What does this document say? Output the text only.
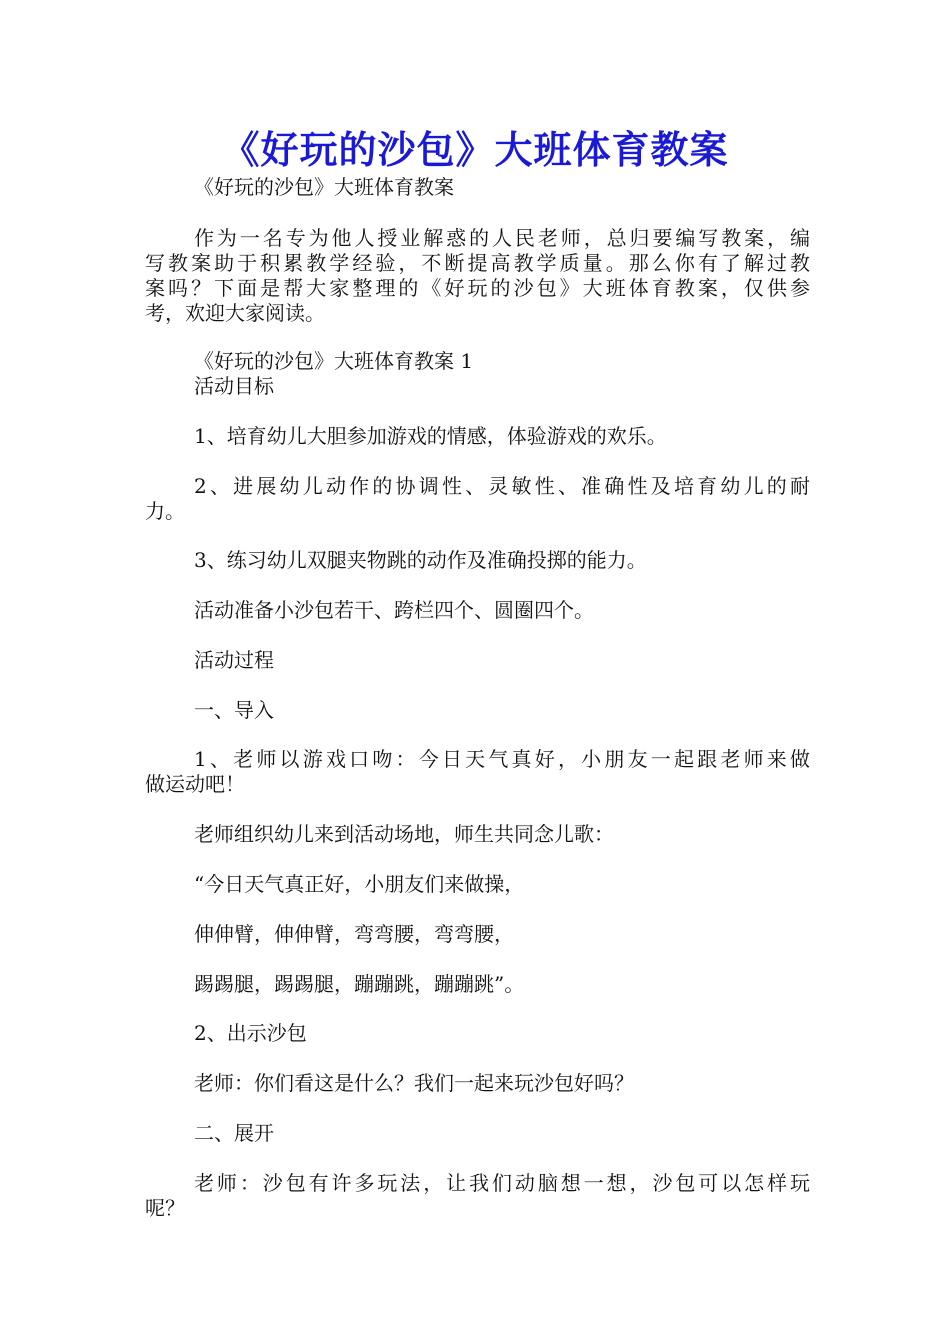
《好玩的沙包》大班体育教案

《好玩的沙包》大班体育教案

作为一名专为他人授业解惑的人民老师，总归要编写教案，编

写教案助于积累教学经验，不断提高教学质量。那么你有了解过教

案吗？下面是帮大家整理的《好玩的沙包》大班体育教案，仅供参

考，欢迎大家阅读。

《好玩的沙包》大班体育教案 1

活动目标

1、培育幼儿大胆参加游戏的情感，体验游戏的欢乐。

2、进展幼儿动作的协调性、灵敏性、准确性及培育幼儿的耐

力。

3、练习幼儿双腿夹物跳的动作及准确投掷的能力。

活动准备小沙包若干、跨栏四个、圆圈四个。

活动过程

一、导入

1、老师以游戏口吻：今日天气真好，小朋友一起跟老师来做

做运动吧！

老师组织幼儿来到活动场地，师生共同念儿歌：

“今日天气真正好，小朋友们来做操，

伸伸臂，伸伸臂，弯弯腰，弯弯腰，

踢踢腿，踢踢腿，蹦蹦跳，蹦蹦跳”。

2、出示沙包

老师：你们看这是什么？我们一起来玩沙包好吗？

二、展开

老师：沙包有许多玩法，让我们动脑想一想，沙包可以怎样玩

呢？
